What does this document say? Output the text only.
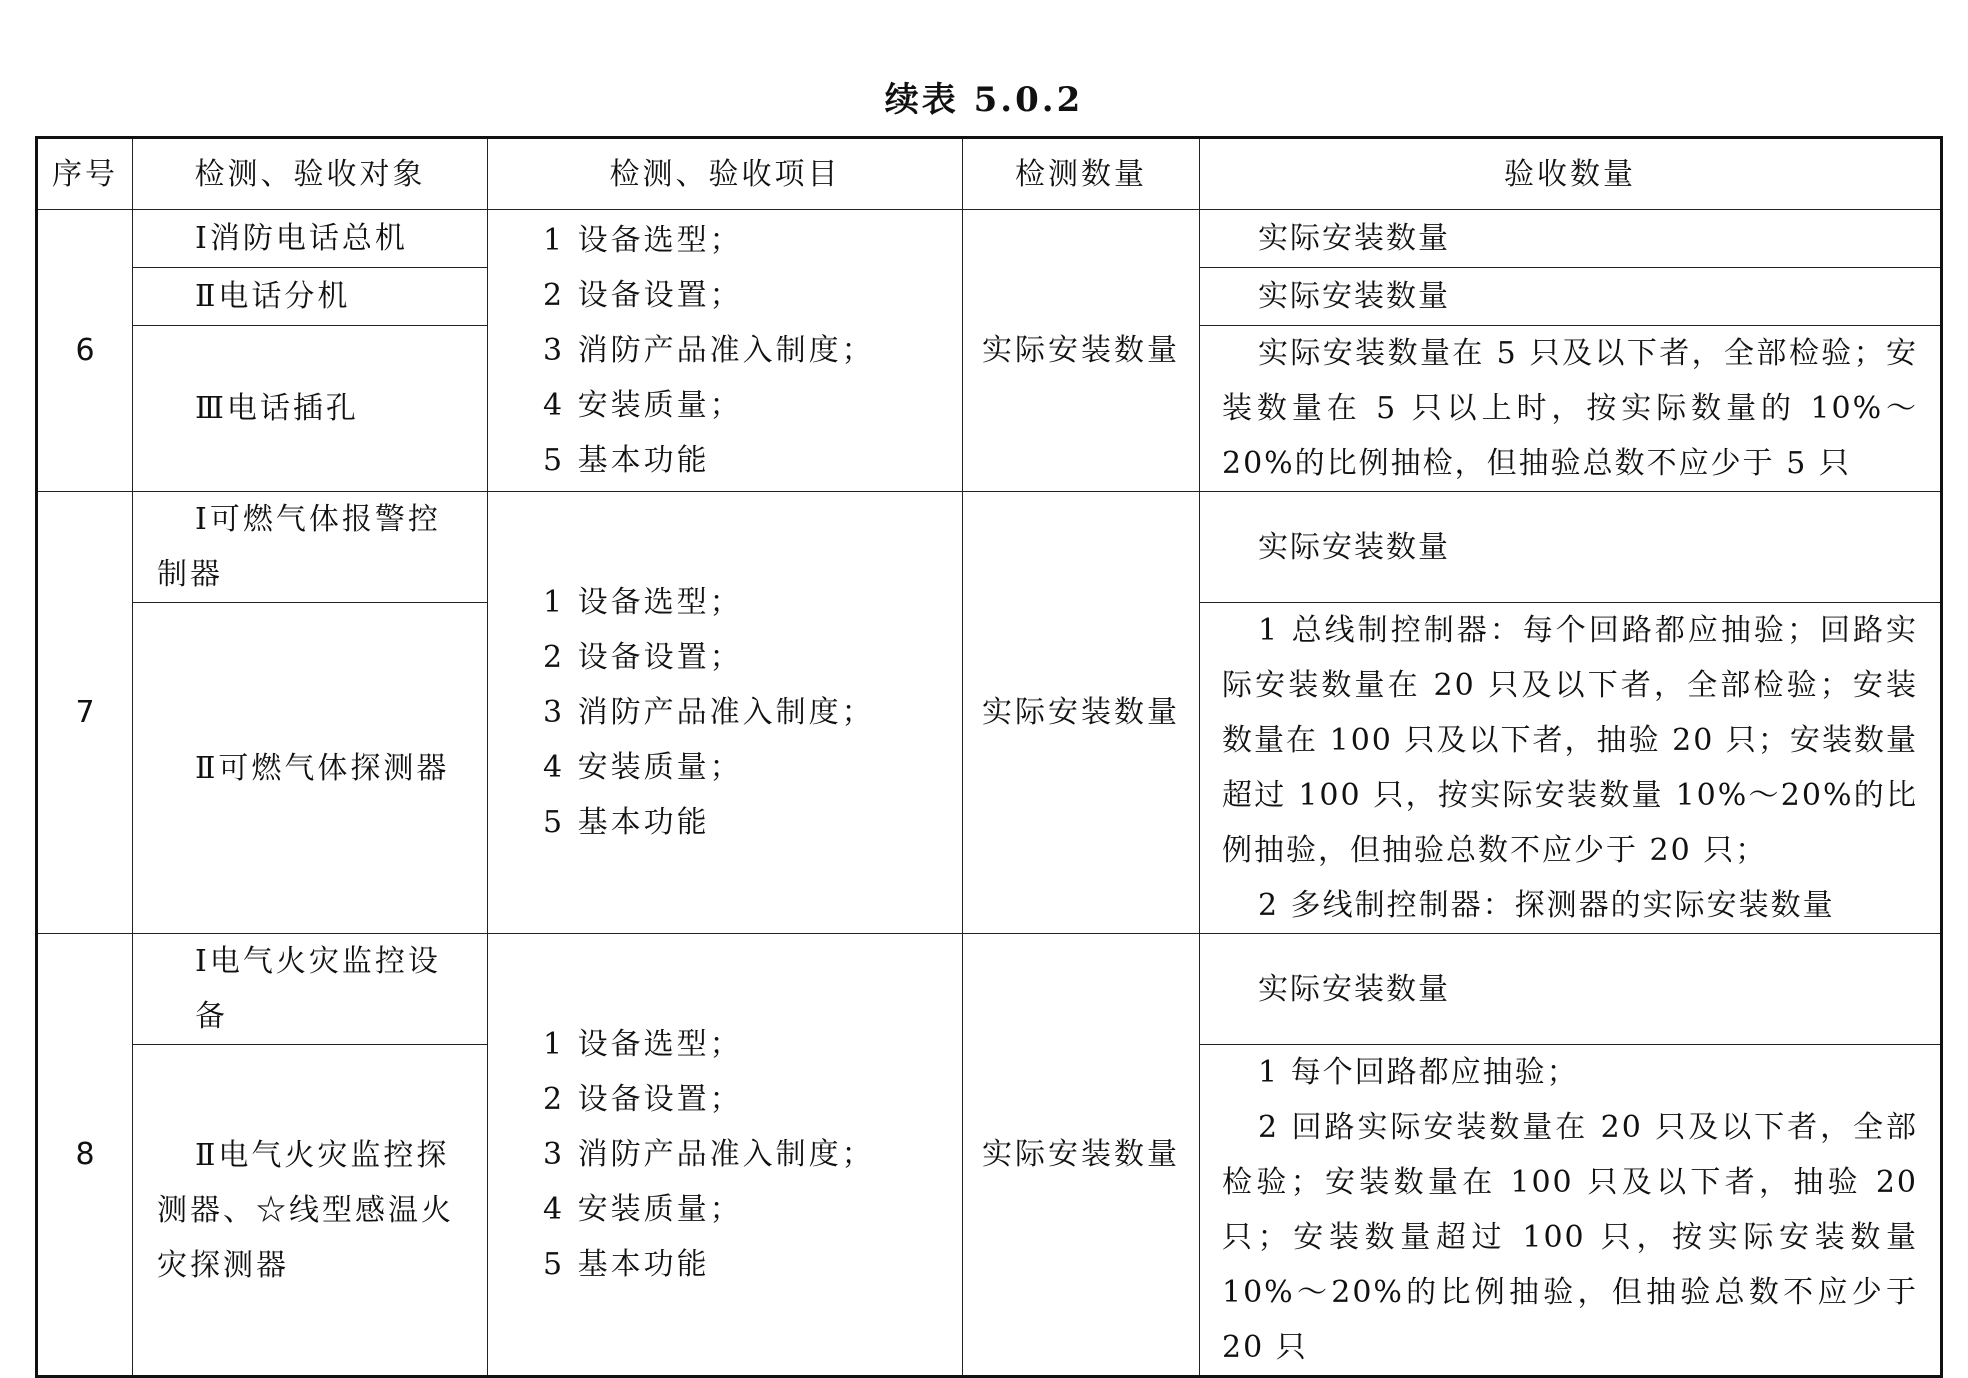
续表 5.0.2
序号	检测、验收对象	检测、验收项目	检测数量	验收数量
6	Ⅰ消防电话总机	1 设备选型；
2 设备设置；
3 消防产品准入制度；
4 安装质量；
5 基本功能	实际安装数量	实际安装数量

	Ⅱ电话分机			实际安装数量

	Ⅲ电话插孔			实际安装数量在 5 只及以下者，全部检验；安装数量在 5 只以上时，按实际数量的 10%～20%的比例抽检，但抽验总数不应少于 5 只

7	Ⅰ可燃气体报警控制器	1 设备选型；
2 设备设置；
3 消防产品准入制度；
4 安装质量；
5 基本功能	实际安装数量	实际安装数量

	Ⅱ可燃气体探测器			1 总线制控制器：每个回路都应抽验；回路实际安装数量在 20 只及以下者，全部检验；安装数量在 100 只及以下者，抽验 20 只；安装数量超过 100 只，按实际安装数量 10%～20%的比例抽验，但抽验总数不应少于 20 只；
2 多线制控制器：探测器的实际安装数量

8	Ⅰ电气火灾监控设备	1 设备选型；
2 设备设置；
3 消防产品准入制度；
4 安装质量；
5 基本功能	实际安装数量	实际安装数量

	Ⅱ电气火灾监控探测器、☆线型感温火灾探测器			1 每个回路都应抽验；
2 回路实际安装数量在 20 只及以下者，全部检验；安装数量在 100 只及以下者，抽验 20 只；安装数量超过 100 只，按实际安装数量 10%～20%的比例抽验，但抽验总数不应少于 20 只
